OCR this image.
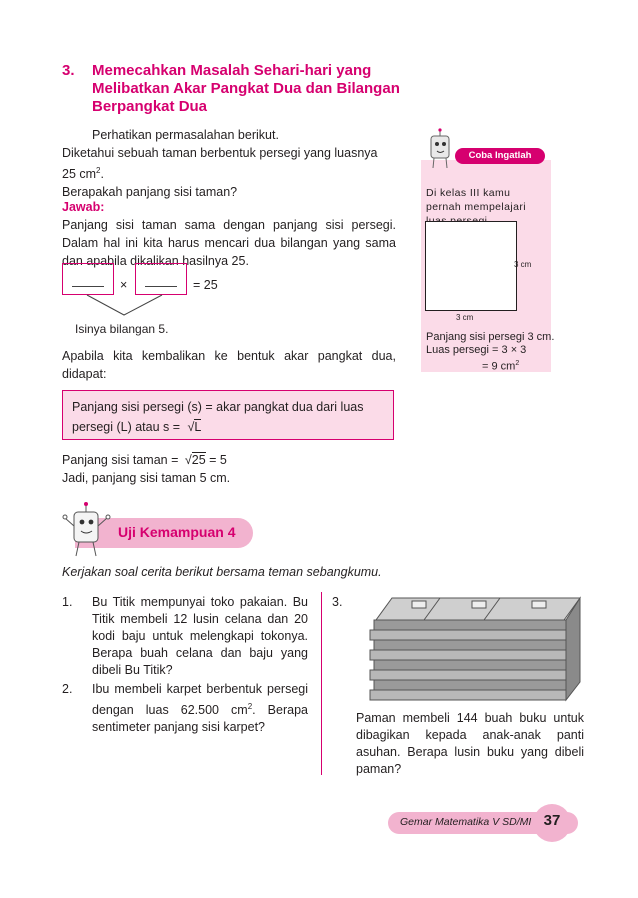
3. Memecahkan Masalah Sehari-hari yang Melibatkan Akar Pangkat Dua dan Bilangan Berpangkat Dua
Perhatikan permasalahan berikut.
Diketahui sebuah taman berbentuk persegi yang luasnya
25 $cm^2$.
Berapakah panjang sisi taman?
Jawab:
Panjang sisi taman sama dengan panjang sisi persegi. Dalam hal ini kita harus mencari dua bilangan yang sama dan apabila dikalikan hasilnya 25.
×	= 25
Isinya bilangan 5.
Apabila kita kembalikan ke bentuk akar pangkat dua, didapat:
Panjang sisi persegi (s) = akar pangkat dua dari luas
persegi (L) atau s = √L
Panjang sisi taman = √25 = 5
Jadi, panjang sisi taman 5 cm.
Coba Ingatlah
Di kelas III kamu pernah mempelajari
3 cm
3 cm
Panjang sisi persegi 3 cm.
Luas persegi = 3 × 3
= 9 $cm^2$
Uji Kemampuan 4
Kerjakan soal cerita berikut bersama teman sebangkumu.
1. Bu Titik mempunyai toko pakaian. Bu Titik membeli 12 lusin celana dan 20 kodi baju untuk melengkapi tokonya. Berapa buah celana dan baju yang dibeli Bu Titik?
2. Ibu membeli karpet berbentuk persegi dengan luas 62.500 $cm^2$. Berapa sentimeter panjang sisi karpet?
3.
Paman membeli 144 buah buku untuk dibagikan kepada anak-anak panti asuhan. Berapa lusin buku yang dibeli paman?
Gemar Matematika V SD/MI 37
